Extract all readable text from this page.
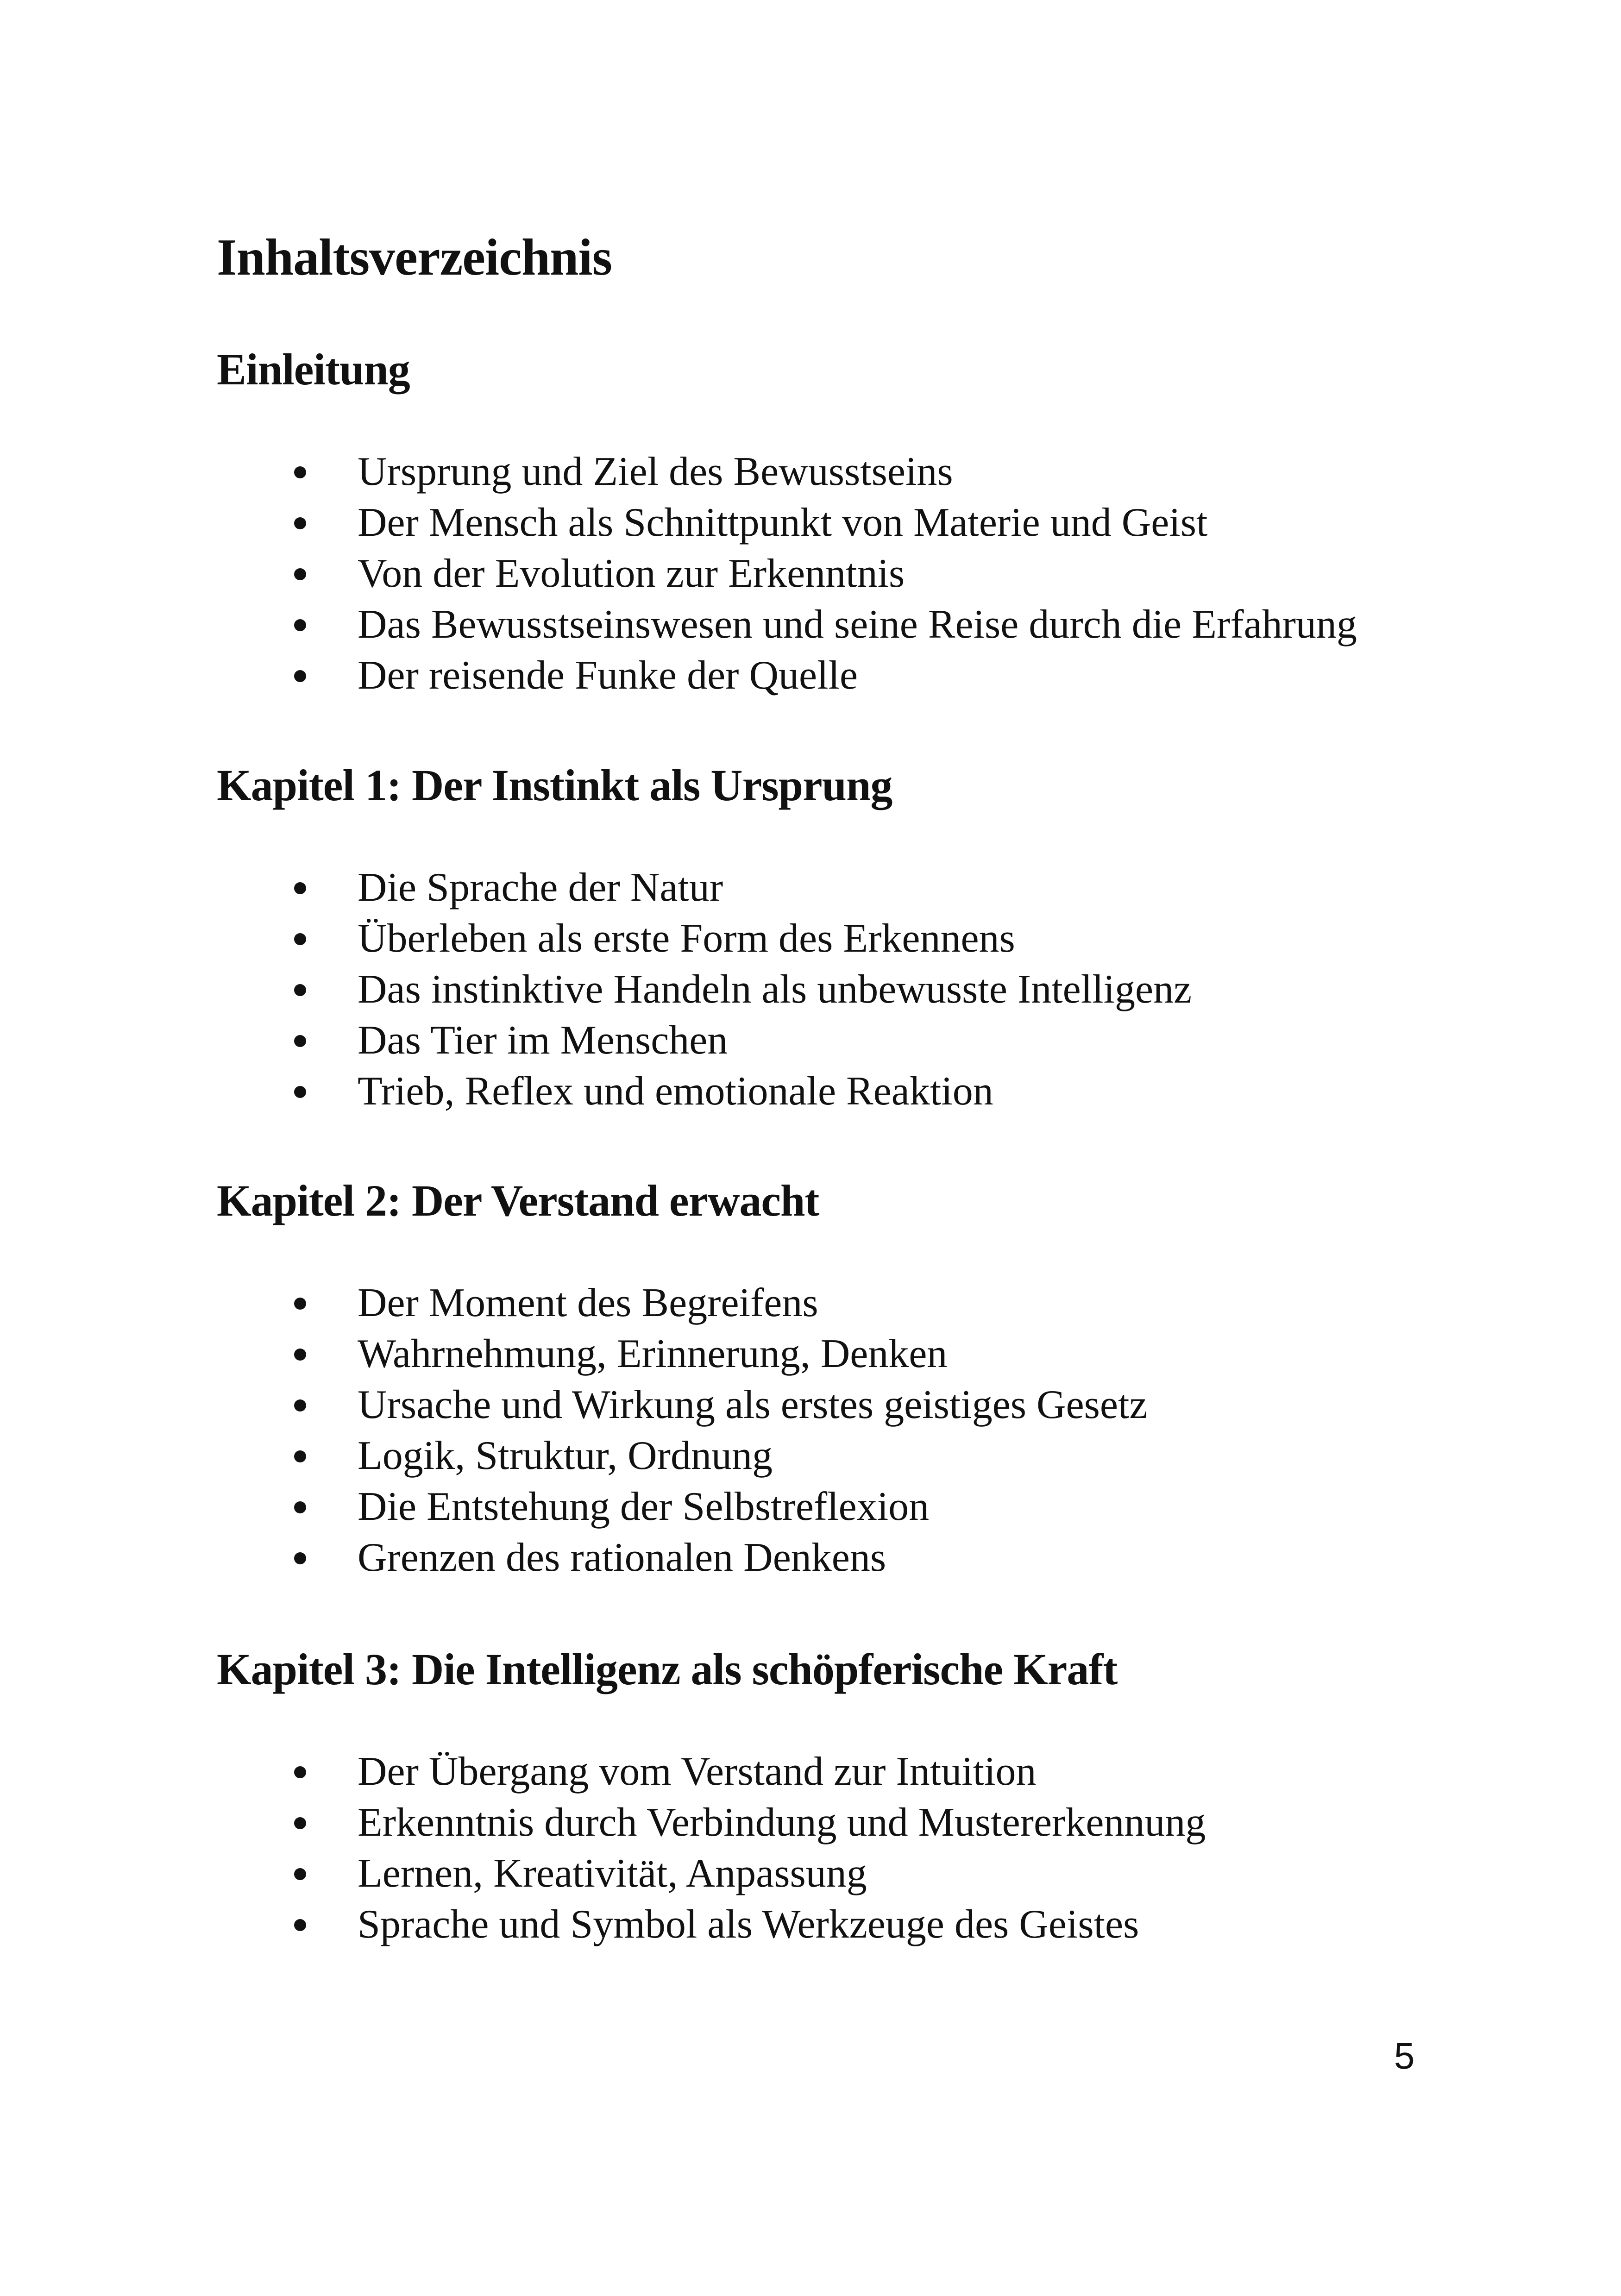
Inhaltsverzeichnis
Einleitung
Ursprung und Ziel des Bewusstseins
Der Mensch als Schnittpunkt von Materie und Geist
Von der Evolution zur Erkenntnis
Das Bewusstseinswesen und seine Reise durch die Erfahrung
Der reisende Funke der Quelle
Kapitel 1: Der Instinkt als Ursprung
Die Sprache der Natur
Überleben als erste Form des Erkennens
Das instinktive Handeln als unbewusste Intelligenz
Das Tier im Menschen
Trieb, Reflex und emotionale Reaktion
Kapitel 2: Der Verstand erwacht
Der Moment des Begreifens
Wahrnehmung, Erinnerung, Denken
Ursache und Wirkung als erstes geistiges Gesetz
Logik, Struktur, Ordnung
Die Entstehung der Selbstreflexion
Grenzen des rationalen Denkens
Kapitel 3: Die Intelligenz als schöpferische Kraft
Der Übergang vom Verstand zur Intuition
Erkenntnis durch Verbindung und Mustererkennung
Lernen, Kreativität, Anpassung
Sprache und Symbol als Werkzeuge des Geistes
5
